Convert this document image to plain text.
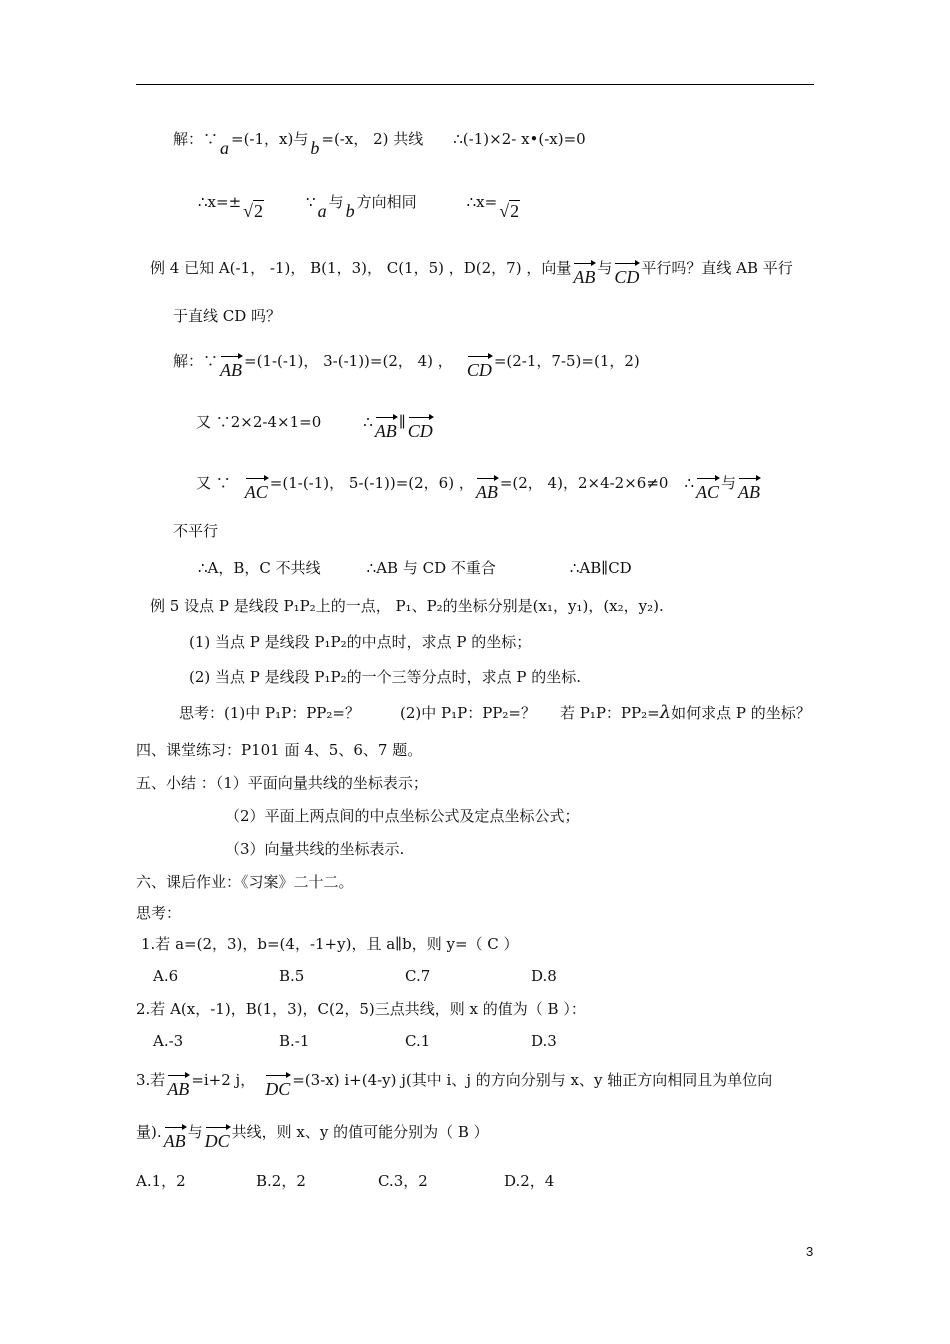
解：∵ a =(-1，x)与 b =(-x， 2) 共线 ∴(-1)×2- x•(-x)=0
∴x=± √2	∵ a 与 b 方向相同	∴x= √2
例 4 已知 A(-1， -1)， B(1，3)， C(1，5) ，D(2，7) ，向量 AB 与 CD 平行吗？直线 AB 平行
于直线 CD 吗？
解：∵ AB =(1-(-1)， 3-(-1))=(2， 4) ， CD =(2-1，7-5)=(1，2)
又 ∵2×2-4×1=0	∴ AB ∥ CD
又 ∵ AC =(1-(-1)， 5-(-1))=(2，6) ， AB =(2， 4)，2×4-2×6≠0 ∴ AC 与 AB
不平行
∴A，B，C 不共线	∴AB 与 CD 不重合	∴AB∥CD
例 5 设点 P 是线段 P₁P₂上的一点， P₁、P₂的坐标分别是(x₁，y₁)，(x₂，y₂).
(1) 当点 P 是线段 P₁P₂的中点时，求点 P 的坐标；
(2) 当点 P 是线段 P₁P₂的一个三等分点时，求点 P 的坐标.
思考：(1)中 P₁P：PP₂=？	(2)中 P₁P：PP₂=？ 若 P₁P：PP₂=λ如何求点 P 的坐标？
四、课堂练习：P101 面 4、5、6、7 题。
五、小结 ：（1）平面向量共线的坐标表示；
（2）平面上两点间的中点坐标公式及定点坐标公式；
（3）向量共线的坐标表示.
六、课后作业：《习案》二十二。
思考：
1.若 a=(2，3)，b=(4，-1+y)，且 a∥b，则 y=（ C ）
A.6	B.5	C.7	D.8
2.若 A(x，-1)，B(1，3)，C(2，5)三点共线，则 x 的值为（ B ）：
A.-3	B.-1	C.1	D.3
3.若 AB =i+2 j， DC =(3-x) i+(4-y) j(其中 i、j 的方向分别与 x、y 轴正方向相同且为单位向
量). AB 与 DC 共线，则 x、y 的值可能分别为（ B ）
A.1，2	B.2，2	C.3，2	D.2，4
3
